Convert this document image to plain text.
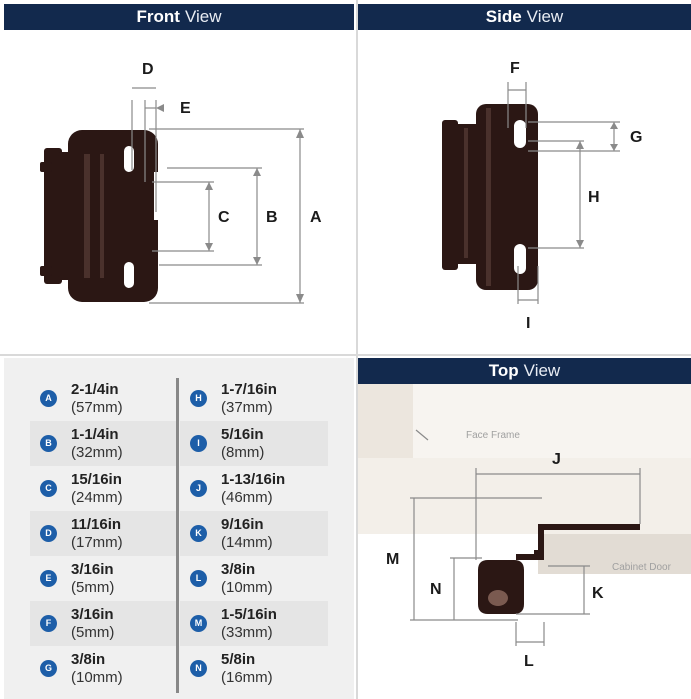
Front View
D
E
C B A
Side View
F
G
H
I
A
2-1/4in
(57mm)
B
1-1/4in
(32mm)
C
15/16in
(24mm)
D
11/16in
(17mm)
E
3/16in
(5mm)
F
3/16in
(5mm)
G
3/8in
(10mm)
H
1-7/16in
(37mm)
I
5/16in
(8mm)
J
1-13/16in
(46mm)
K
9/16in
(14mm)
L
3/8in
(10mm)
M
1-5/16in
(33mm)
N
5/8in
(16mm)
Top View
J
M
N	K
L
Face Frame
Cabinet Door
